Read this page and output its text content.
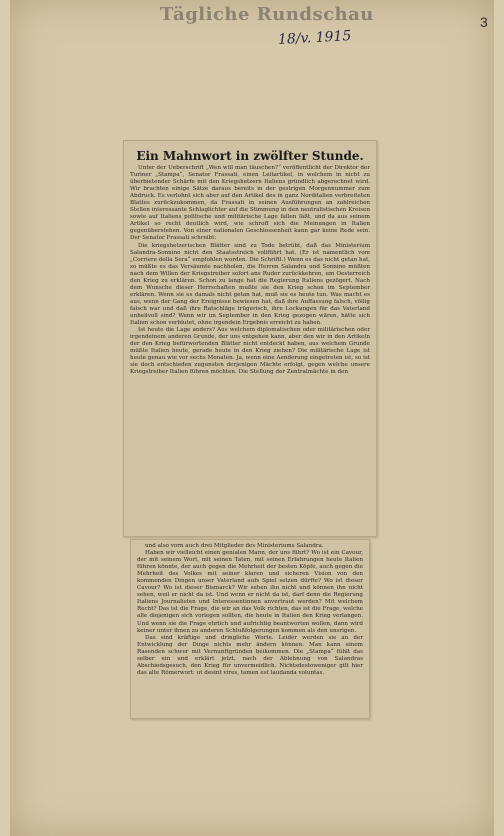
Tägliche Rundschau	3
18/v. 1915
Ein Mahnwort in zwölfter Stunde.

Unter der Ueberschrift „Wen will man täuschen?“ veröffentlicht der Direktor der Turiner „Stampa“, Senator Frassati, einen Leitartikel, in welchem in nicht zu überbietender Schärfe mit den Kriegshetzern Italiens gründlich abgerechnet wird. Wir brachten einige Sätze daraus bereits in der gestrigen Morgennummer zum Abdruck. Es verlohnt sich aber auf den Artikel des in ganz Norditalien verbreiteten Blattes zurückzukommen, da Frassati in seinen Ausführungen an zahlreichen Stellen interessante Schlaglichter auf die Stimmung in den neutralistischen Kreisen sowie auf Italiens politische und militärische Lage fallen läßt, und da aus seinem Artikel so recht deutlich wird, wie schroff sich die Meinungen in Italien gegenüberstehen. Von einer nationalen Geschlossenheit kann gar keine Rede sein. Der Senator Frassati schreibt:

Die kriegshetzerischen Blätter sind zu Tode betrübt, daß das Ministerium Salandra-Sonnino nicht den Staatsstreich vollführt hat. (Er ist namentlich vom „Corriere della Sera“ empfohlen worden. Die Schriftl.) Wenn es das nicht getan hat, so müßte es das Versäumte nachholen, die Herren Salandra und Sonnino müßten nach dem Willen der Kriegstreiber sofort ans Ruder zurückkehren, um Oesterreich den Krieg zu erklären. Schon zu lange hat die Regierung Italiens gezögert. Nach dem Wunsche dieser Herrschaften mußte sie den Krieg schon im September erklären. Wenn sie es damals nicht getan hat, muß sie es heute tun. Was macht es aus, wenn der Gang der Ereignisse bewiesen hat, daß ihre Auffassung falsch, völlig falsch war und daß ihre Ratschläge trügerisch, ihre Lockungen für das Vaterland unheilvoll sind? Wenn wir im September in den Krieg gezogen wären, hätte sich Italien schon verblutet, ohne irgendein Ergebnis erreicht zu haben.

Ist heute die Lage anders? Aus welchem diplomatischen oder militärischen oder irgendeinem anderen Grunde, der uns entgehen kann, aber den wir in den Artikeln der den Krieg befürwortenden Blätter nicht entdeckt haben, aus welchem Grunde müßte Italien heute, gerade heute in den Krieg ziehen? Die militärische Lage ist heute genau wie vor sechs Monaten. Ja, wenn eine Aenderung eingetreten ist, so ist sie doch entschieden zugunsten derjenigen Mächte erfolgt, gegen welche unsere Kriegstreiber Italien führen möchten. Die Stellung der Zentralmächte in den

und also vorn auch drei Mitglieder des Ministeriums Salandra.

Haben wir vielleicht einen genialen Mann, der uns führt? Wo ist ein Cavour, der mit seinem Wort, mit seinen Taten, mit seinen Erfahrungen heute Italien führen könnte, der auch gegen die Mehrheit der besten Köpfe, auch gegen die Mehrheit des Volkes mit seiner klaren und sicheren Vision von den kommenden Dingen unser Vaterland aufs Spiel setzen dürfte? Wo ist dieser Cavour? Wo ist dieser Bismarck? Wir sehen ihn nicht und können ihn nicht sehen, weil er nicht da ist. Und wenn er nicht da ist, darf denn die Regierung Italiens Journalisten und Interessentinnen anvertraut werden? Mit welchem Recht? Das ist die Frage, die wir an das Volk richten, das ist die Frage, welche alle diejenigen sich vorlegen sollten, die heute in Italien den Krieg verlangen. Und wenn sie die Frage ehrlich und aufrichtig beantworten wollen, dann wird keiner unter ihnen zu anderen Schlußfolgerungen kommen als den unsrigen.

Das sind kräftige und dringliche Worte. Leider werden sie an der Entwicklung der Dinge nichts mehr ändern können. Man kann einem Rasenden schwer mit Vernunftgründen beikommen. Die „Stampa“ fühlt das selber ein und erklärt jetzt, nach der Ablehnung von Salandras Abschiedsgesuch, den Krieg für unvermeidlich. Nichtsdestoweniger gilt hier das alte Römerwort: ut desint vires, tamen est laudanda voluntas.
